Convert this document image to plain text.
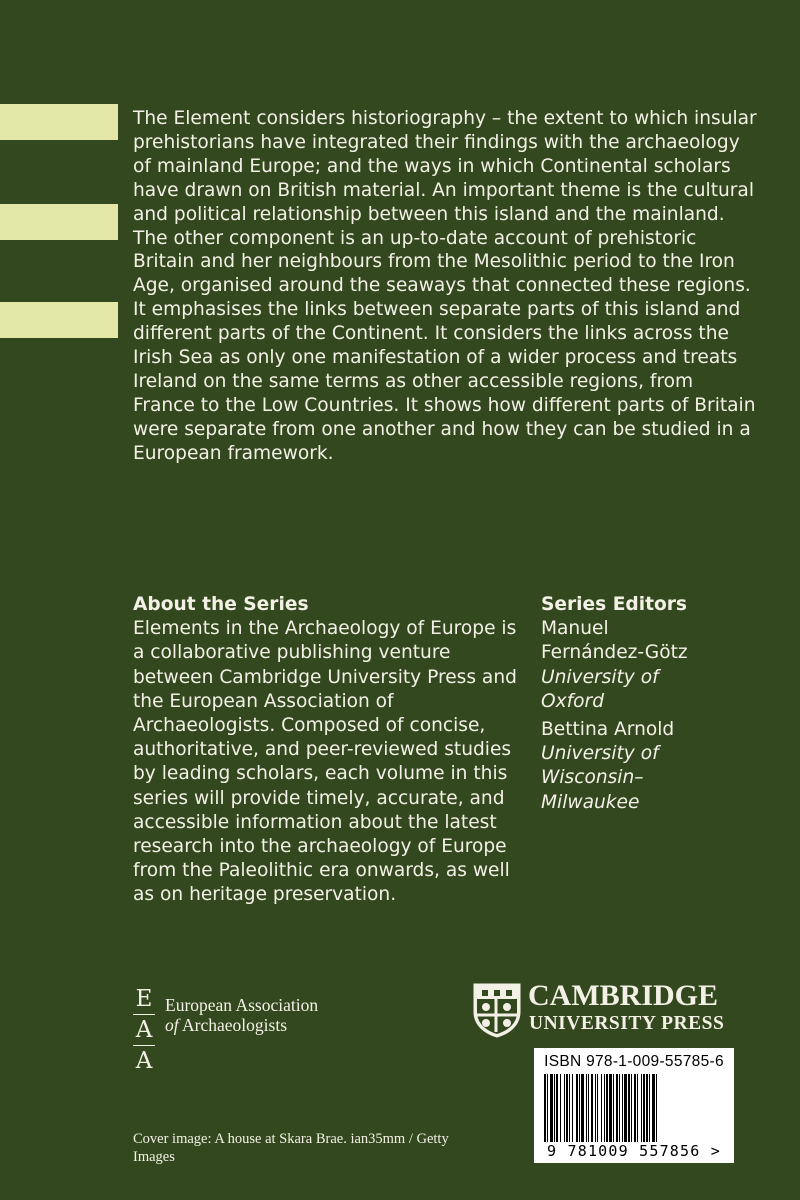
The Element considers historiography – the extent to which insular prehistorians have integrated their findings with the archaeology of mainland Europe; and the ways in which Continental scholars have drawn on British material. An important theme is the cultural and political relationship between this island and the mainland. The other component is an up-to-date account of prehistoric Britain and her neighbours from the Mesolithic period to the Iron Age, organised around the seaways that connected these regions. It emphasises the links between separate parts of this island and different parts of the Continent. It considers the links across the Irish Sea as only one manifestation of a wider process and treats Ireland on the same terms as other accessible regions, from France to the Low Countries. It shows how different parts of Britain were separate from one another and how they can be studied in a European framework.

About the Series

Elements in the Archaeology of Europe is a collaborative publishing venture between Cambridge University Press and the European Association of Archaeologists. Composed of concise, authoritative, and peer-reviewed studies by leading scholars, each volume in this series will provide timely, accurate, and accessible information about the latest research into the archaeology of Europe from the Paleolithic era onwards, as well as on heritage preservation.

Series Editors

Manuel Fernández-Götz
University of Oxford

Bettina Arnold
University of Wisconsin–Milwaukee

E
A
A
European Association
of Archaeologists
CAMBRIDGE
UNIVERSITY PRESS
ISBN 978-1-009-55785-6
9 781009 557856 >
Cover image: A house at Skara Brae. ian35mm / Getty Images
